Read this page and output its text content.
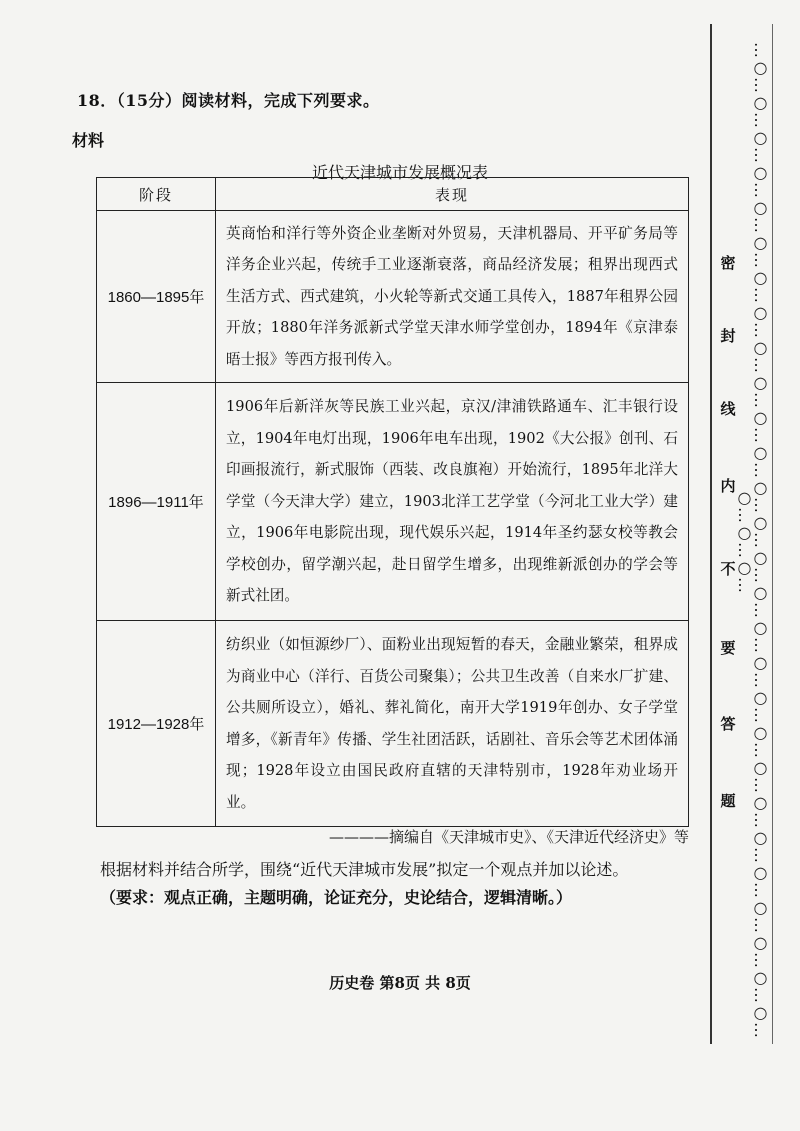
18．（15分）阅读材料，完成下列要求。
材料
近代天津城市发展概况表
阶段	表现
1860—1895年	英商怡和洋行等外资企业垄断对外贸易，天津机器局、开平矿务局等洋务企业兴起，传统手工业逐渐衰落，商品经济发展；租界出现西式生活方式、西式建筑，小火轮等新式交通工具传入，1887年租界公园开放；1880年洋务派新式学堂天津水师学堂创办，1894年《京津泰晤士报》等西方报刊传入。
1896—1911年	1906年后新洋灰等民族工业兴起，京汉/津浦铁路通车、汇丰银行设立，1904年电灯出现，1906年电车出现，1902《大公报》创刊、石印画报流行，新式服饰（西装、改良旗袍）开始流行，1895年北洋大学堂（今天津大学）建立，1903北洋工艺学堂（今河北工业大学）建立，1906年电影院出现，现代娱乐兴起，1914年圣约瑟女校等教会学校创办，留学潮兴起，赴日留学生增多，出现维新派创办的学会等新式社团。
1912—1928年	纺织业（如恒源纱厂）、面粉业出现短暂的春天，金融业繁荣，租界成为商业中心（洋行、百货公司聚集）；公共卫生改善（自来水厂扩建、公共厕所设立），婚礼、葬礼简化，南开大学1919年创办、女子学堂增多，《新青年》传播、学生社团活跃，话剧社、音乐会等艺术团体涌现；1928年设立由国民政府直辖的天津特别市，1928年劝业场开业。
————摘编自《天津城市史》、《天津近代经济史》等
根据材料并结合所学，围绕“近代天津城市发展”拟定一个观点并加以论述。
（要求：观点正确，主题明确，论证充分，史论结合，逻辑清晰。）
历史卷 第8页 共 8页
密
封
线
内
不
要
答
题 …○…○…○…○…○…○…○…○…○…○…○…○…○…○…○…○…○…○…○…○…○…○…○…○…○…○…○…○…○…○…○…
